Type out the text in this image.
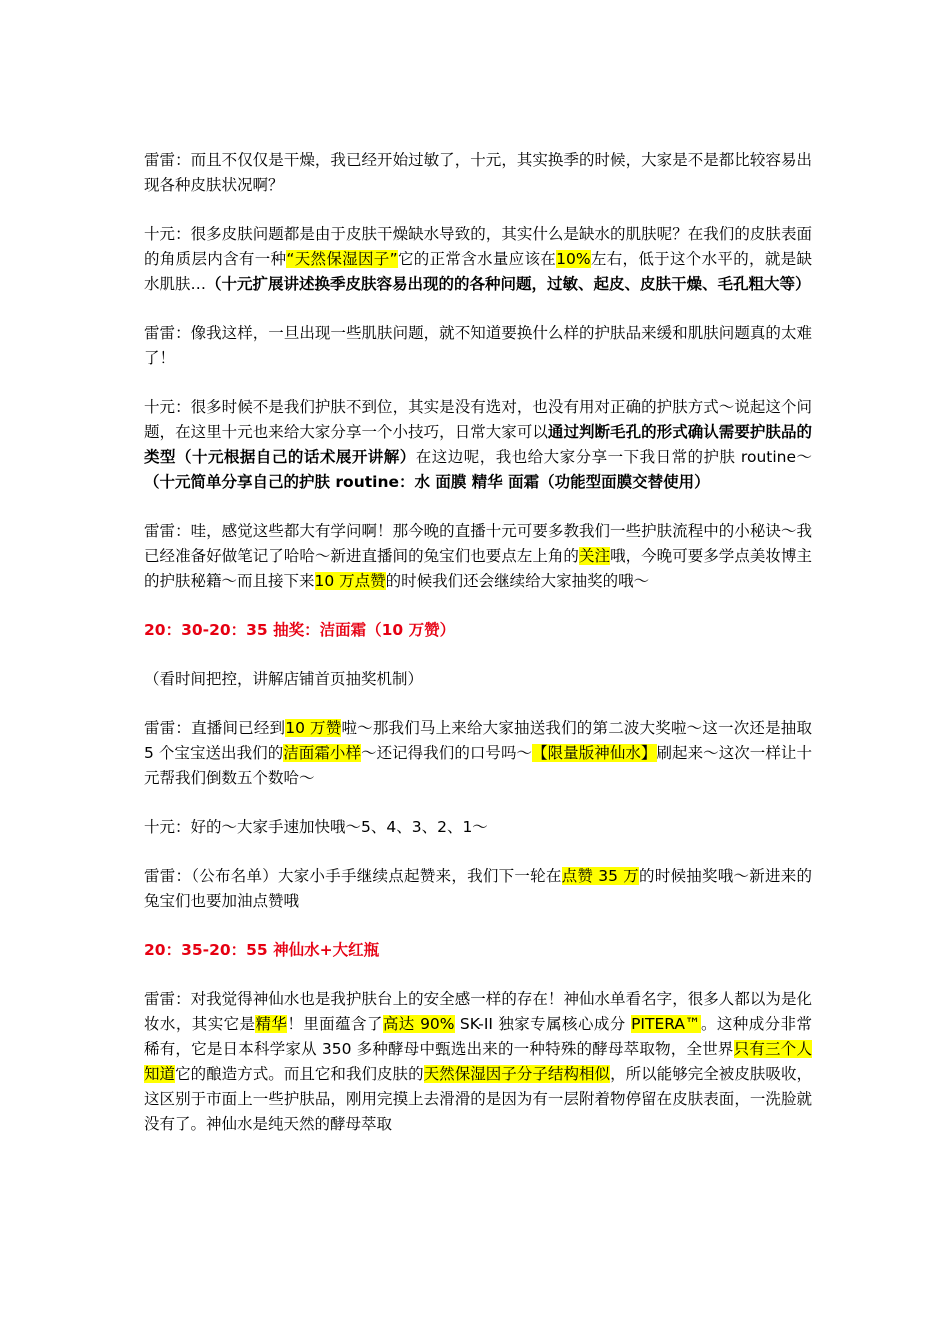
雷雷：而且不仅仅是干燥，我已经开始过敏了，十元，其实换季的时候，大家是不是都比较容易出现各种皮肤状况啊？

十元：很多皮肤问题都是由于皮肤干燥缺水导致的，其实什么是缺水的肌肤呢？在我们的皮肤表面的角质层内含有一种“天然保湿因子”它的正常含水量应该在10%左右，低于这个水平的，就是缺水肌肤…（十元扩展讲述换季皮肤容易出现的的各种问题，过敏、起皮、皮肤干燥、毛孔粗大等）

雷雷：像我这样，一旦出现一些肌肤问题，就不知道要换什么样的护肤品来缓和肌肤问题真的太难了！

十元：很多时候不是我们护肤不到位，其实是没有选对，也没有用对正确的护肤方式～说起这个问题，在这里十元也来给大家分享一个小技巧，日常大家可以通过判断毛孔的形式确认需要护肤品的类型（十元根据自己的话术展开讲解）在这边呢，我也给大家分享一下我日常的护肤 routine～（十元简单分享自己的护肤 routine：水 面膜 精华 面霜（功能型面膜交替使用）

雷雷：哇，感觉这些都大有学问啊！那今晚的直播十元可要多教我们一些护肤流程中的小秘诀～我已经准备好做笔记了哈哈～新进直播间的兔宝们也要点左上角的关注哦，今晚可要多学点美妆博主的护肤秘籍～而且接下来10 万点赞的时候我们还会继续给大家抽奖的哦～

20：30-20：35 抽奖：洁面霜（10 万赞）

（看时间把控，讲解店铺首页抽奖机制）

雷雷：直播间已经到10 万赞啦～那我们马上来给大家抽送我们的第二波大奖啦～这一次还是抽取 5 个宝宝送出我们的洁面霜小样～还记得我们的口号吗～【限量版神仙水】刷起来～这次一样让十元帮我们倒数五个数哈～

十元：好的～大家手速加快哦～5、4、3、2、1～

雷雷：（公布名单）大家小手手继续点起赞来，我们下一轮在点赞 35 万的时候抽奖哦～新进来的兔宝们也要加油点赞哦

20：35-20：55 神仙水+大红瓶

雷雷：对我觉得神仙水也是我护肤台上的安全感一样的存在！神仙水单看名字，很多人都以为是化妆水，其实它是精华！里面蕴含了高达 90% SK-II 独家专属核心成分 PITERA™。这种成分非常稀有，它是日本科学家从 350 多种酵母中甄选出来的一种特殊的酵母萃取物，全世界只有三个人知道它的酿造方式。而且它和我们皮肤的天然保湿因子分子结构相似，所以能够完全被皮肤吸收，这区别于市面上一些护肤品，刚用完摸上去滑滑的是因为有一层附着物停留在皮肤表面，一洗脸就没有了。神仙水是纯天然的酵母萃取
